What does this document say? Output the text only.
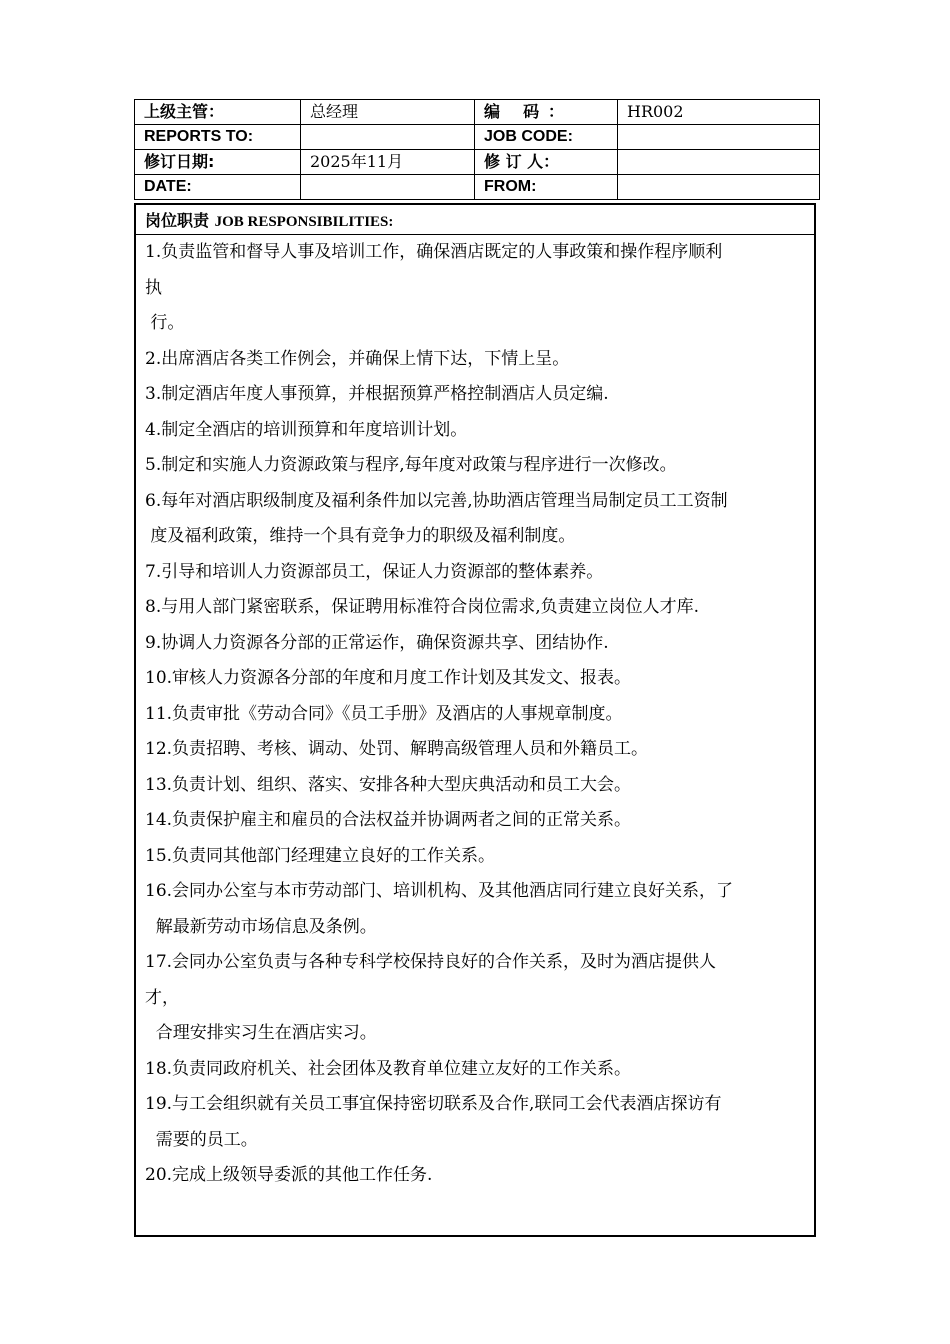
上级主管：	总经理	编 码：	HR002
REPORTS TO:		JOB CODE:	
修订日期:	2025年11月	修 订 人：	
DATE:		FROM:	
岗位职责 JOB RESPONSIBILITIES:
1.负责监管和督导人事及培训工作，确保酒店既定的人事政策和操作程序顺利
执
行。
2.出席酒店各类工作例会，并确保上情下达，下情上呈。
3.制定酒店年度人事预算，并根据预算严格控制酒店人员定编.
4.制定全酒店的培训预算和年度培训计划。
5.制定和实施人力资源政策与程序,每年度对政策与程序进行一次修改。
6.每年对酒店职级制度及福利条件加以完善,协助酒店管理当局制定员工工资制
度及福利政策，维持一个具有竞争力的职级及福利制度。
7.引导和培训人力资源部员工，保证人力资源部的整体素养。
8.与用人部门紧密联系，保证聘用标准符合岗位需求,负责建立岗位人才库.
9.协调人力资源各分部的正常运作，确保资源共享、团结协作.
10.审核人力资源各分部的年度和月度工作计划及其发文、报表。
11.负责审批《劳动合同》《员工手册》及酒店的人事规章制度。
12.负责招聘、考核、调动、处罚、解聘高级管理人员和外籍员工。
13.负责计划、组织、落实、安排各种大型庆典活动和员工大会。
14.负责保护雇主和雇员的合法权益并协调两者之间的正常关系。
15.负责同其他部门经理建立良好的工作关系。
16.会同办公室与本市劳动部门、培训机构、及其他酒店同行建立良好关系，了
解最新劳动市场信息及条例。
17.会同办公室负责与各种专科学校保持良好的合作关系，及时为酒店提供人
才，
合理安排实习生在酒店实习。
18.负责同政府机关、社会团体及教育单位建立友好的工作关系。
19.与工会组织就有关员工事宜保持密切联系及合作,联同工会代表酒店探访有
需要的员工。
20.完成上级领导委派的其他工作任务.
